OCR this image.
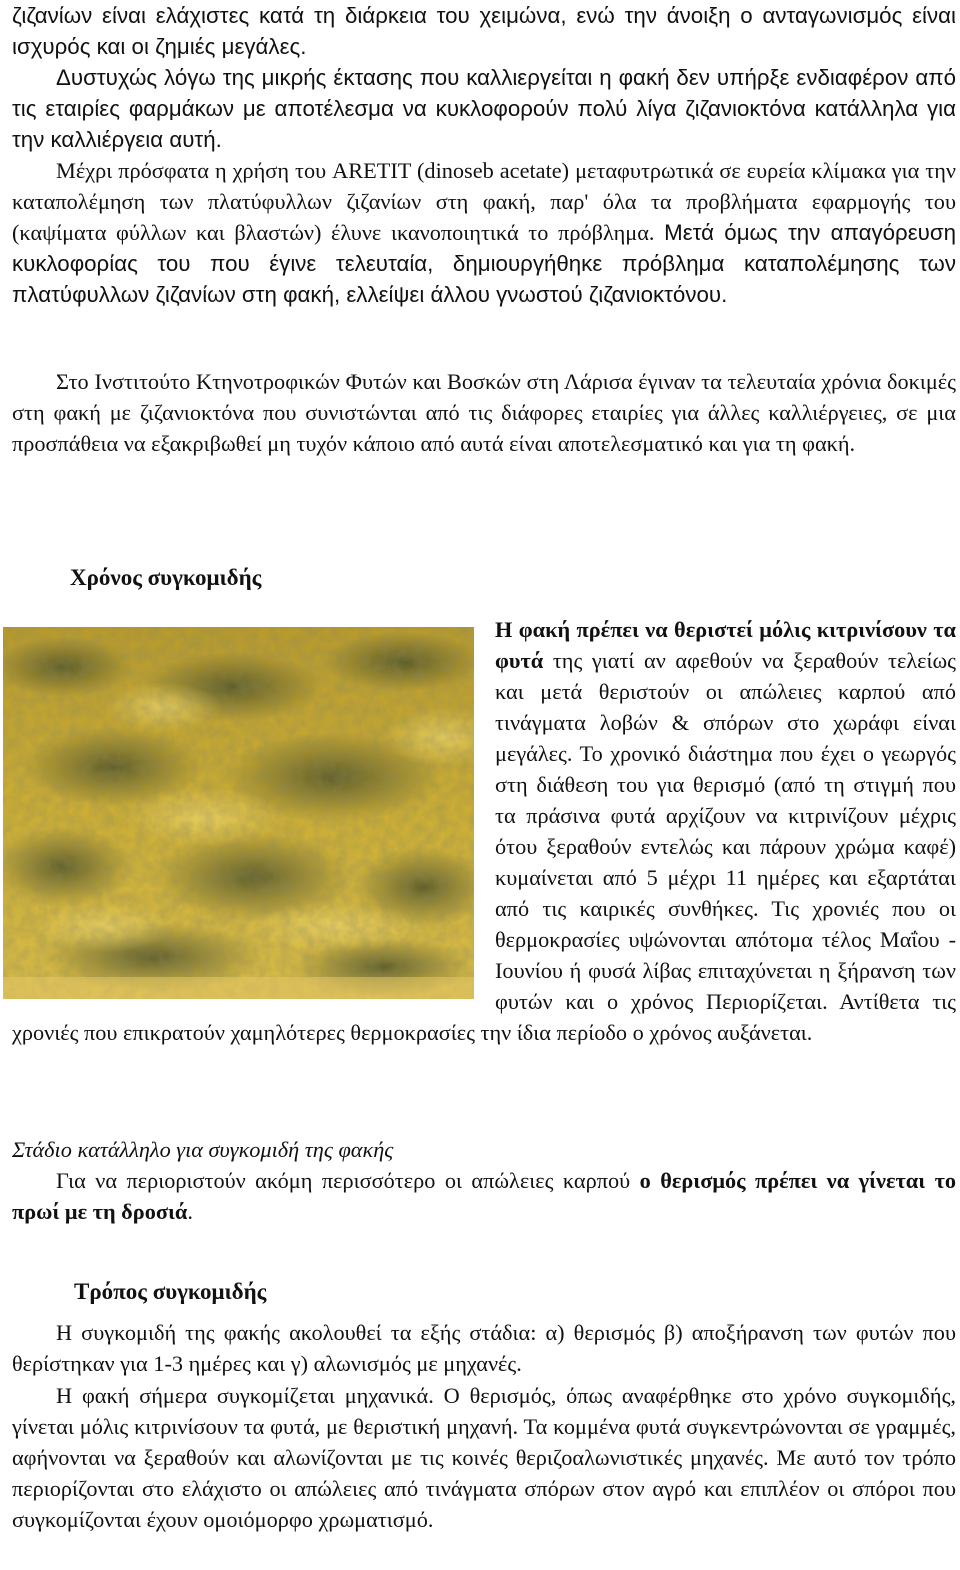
ζιζανίων είναι ελάχιστες κατά τη διάρκεια του χειμώνα, ενώ την άνοιξη ο ανταγωνισμός είναι ισχυρός και οι ζημιές μεγάλες.

Δυστυχώς λόγω της μικρής έκτασης που καλλιεργείται η φακή δεν υπήρξε ενδιαφέρον από τις εταιρίες φαρμάκων με αποτέλεσμα να κυκλοφορούν πολύ λίγα ζιζανιοκτόνα κατάλληλα για την καλλιέργεια αυτή.

Μέχρι πρόσφατα η χρήση του ARETIT (dinoseb acetate) μεταφυτρωτικά σε ευρεία κλίμακα για την καταπολέμηση των πλατύφυλλων ζιζανίων στη φακή, παρ' όλα τα προβλήματα εφαρμογής του (καψίματα φύλλων και βλαστών) έλυνε ικανοποιητικά το πρόβλημα. Μετά όμως την απαγόρευση κυκλοφορίας του που έγινε τελευταία, δημιουργήθηκε πρόβλημα καταπολέμησης των πλατύφυλλων ζιζανίων στη φακή, ελλείψει άλλου γνωστού ζιζανιοκτόνου.

Στο Ινστιτούτο Κτηνοτροφικών Φυτών και Βοσκών στη Λάρισα έγιναν τα τελευταία χρόνια δοκιμές στη φακή με ζιζανιοκτόνα που συνιστώνται από τις διάφορες εταιρίες για άλλες καλλιέργειες, σε μια προσπάθεια να εξακριβωθεί μη τυχόν κάποιο από αυτά είναι αποτελεσματικό και για τη φακή.

Χρόνος συγκομιδής
Η φακή πρέπει να θεριστεί μόλις κιτρινίσουν τα φυτά της γιατί αν αφεθούν να ξεραθούν τελείως και μετά θεριστούν οι απώλειες καρπού από τινάγματα λοβών & σπόρων στο χωράφι είναι μεγάλες. Το χρονικό διάστημα που έχει ο γεωργός στη διάθεση του για θερισμό (από τη στιγμή που τα πράσινα φυτά αρχίζουν να κιτρινίζουν μέχρις ότου ξεραθούν εντελώς και πάρουν χρώμα καφέ) κυμαίνεται από 5 μέχρι 11 ημέρες και εξαρτάται από τις καιρικές συνθήκες. Τις χρονιές που οι θερμοκρασίες υψώνονται απότομα τέλος Μαΐου - Ιουνίου ή φυσά λίβας επιταχύνεται η ξήρανση των φυτών και ο χρόνος Περιορίζεται. Αντίθετα τις χρονιές που επικρατούν χαμηλότερες θερμοκρασίες την ίδια περίοδο ο χρόνος αυξάνεται.

Στάδιο κατάλληλο για συγκομιδή της φακής

Για να περιοριστούν ακόμη περισσότερο οι απώλειες καρπού ο θερισμός πρέπει να γίνεται το πρωί με τη δροσιά.

Τρόπος συγκομιδής

Η συγκομιδή της φακής ακολουθεί τα εξής στάδια: α) θερισμός β) αποξήρανση των φυτών που θερίστηκαν για 1-3 ημέρες και γ) αλωνισμός με μηχανές.

Η φακή σήμερα συγκομίζεται μηχανικά. Ο θερισμός, όπως αναφέρθηκε στο χρόνο συγκομιδής, γίνεται μόλις κιτρινίσουν τα φυτά, με θεριστική μηχανή. Τα κομμένα φυτά συγκεντρώνονται σε γραμμές, αφήνονται να ξεραθούν και αλωνίζονται με τις κοινές θεριζοαλωνιστικές μηχανές. Με αυτό τον τρόπο περιορίζονται στο ελάχιστο οι απώλειες από τινάγματα σπόρων στον αγρό και επιπλέον οι σπόροι που συγκομίζονται έχουν ομοιόμορφο χρωματισμό.
